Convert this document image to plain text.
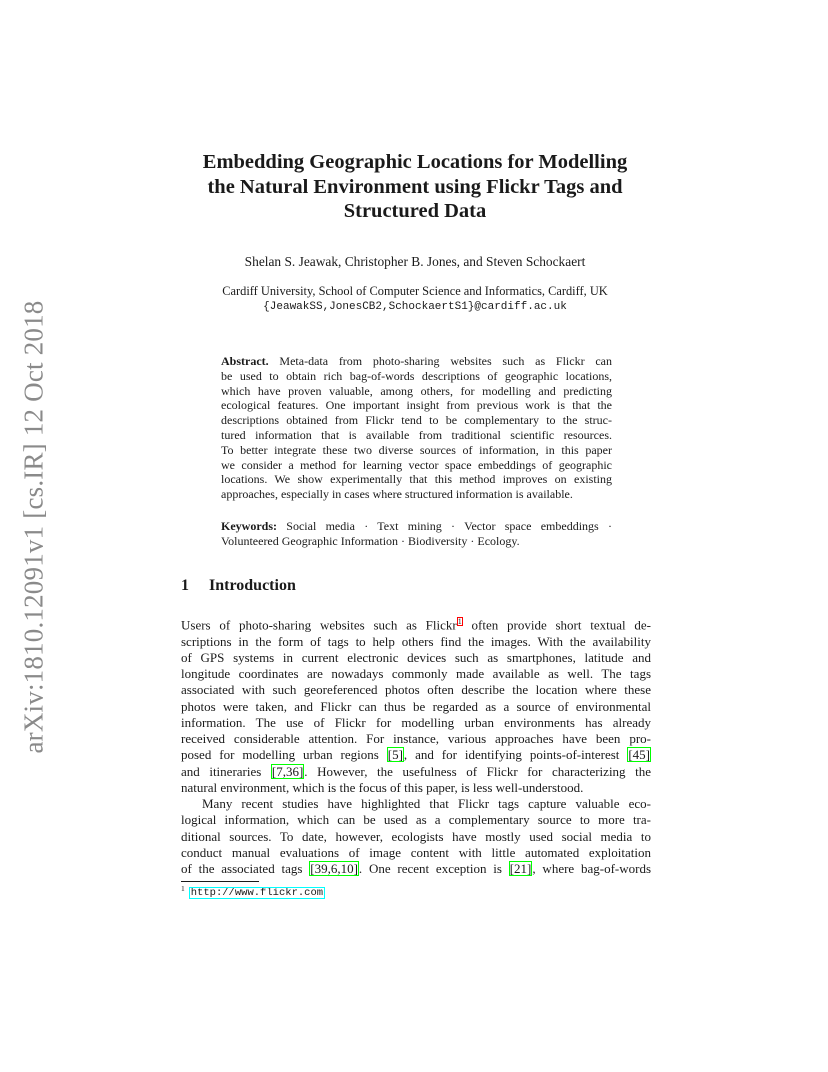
arXiv:1810.12091v1 [cs.IR] 12 Oct 2018
Embedding Geographic Locations for Modelling
the Natural Environment using Flickr Tags and
Structured Data
Shelan S. Jeawak, Christopher B. Jones, and Steven Schockaert
Cardiff University, School of Computer Science and Informatics, Cardiff, UK
{JeawakSS,JonesCB2,SchockaertS1}@cardiff.ac.uk
Abstract. Meta-data from photo-sharing websites such as Flickr can
be used to obtain rich bag-of-words descriptions of geographic locations,
which have proven valuable, among others, for modelling and predicting
ecological features. One important insight from previous work is that the
descriptions obtained from Flickr tend to be complementary to the struc-
tured information that is available from traditional scientific resources.
To better integrate these two diverse sources of information, in this paper
we consider a method for learning vector space embeddings of geographic
locations. We show experimentally that this method improves on existing
approaches, especially in cases where structured information is available.
Keywords: Social media · Text mining · Vector space embeddings ·
Volunteered Geographic Information · Biodiversity · Ecology.
1 Introduction
Users of photo-sharing websites such as Flickr$^1$ often provide short textual de-
scriptions in the form of tags to help others find the images. With the availability
of GPS systems in current electronic devices such as smartphones, latitude and
longitude coordinates are nowadays commonly made available as well. The tags
associated with such georeferenced photos often describe the location where these
photos were taken, and Flickr can thus be regarded as a source of environmental
information. The use of Flickr for modelling urban environments has already
received considerable attention. For instance, various approaches have been pro-
posed for modelling urban regions [5], and for identifying points-of-interest [45]
and itineraries [7,36]. However, the usefulness of Flickr for characterizing the
natural environment, which is the focus of this paper, is less well-understood.
Many recent studies have highlighted that Flickr tags capture valuable eco-
logical information, which can be used as a complementary source to more tra-
ditional sources. To date, however, ecologists have mostly used social media to
conduct manual evaluations of image content with little automated exploitation
of the associated tags [39,6,10]. One recent exception is [21], where bag-of-words
$^1$ http://www.flickr.com
